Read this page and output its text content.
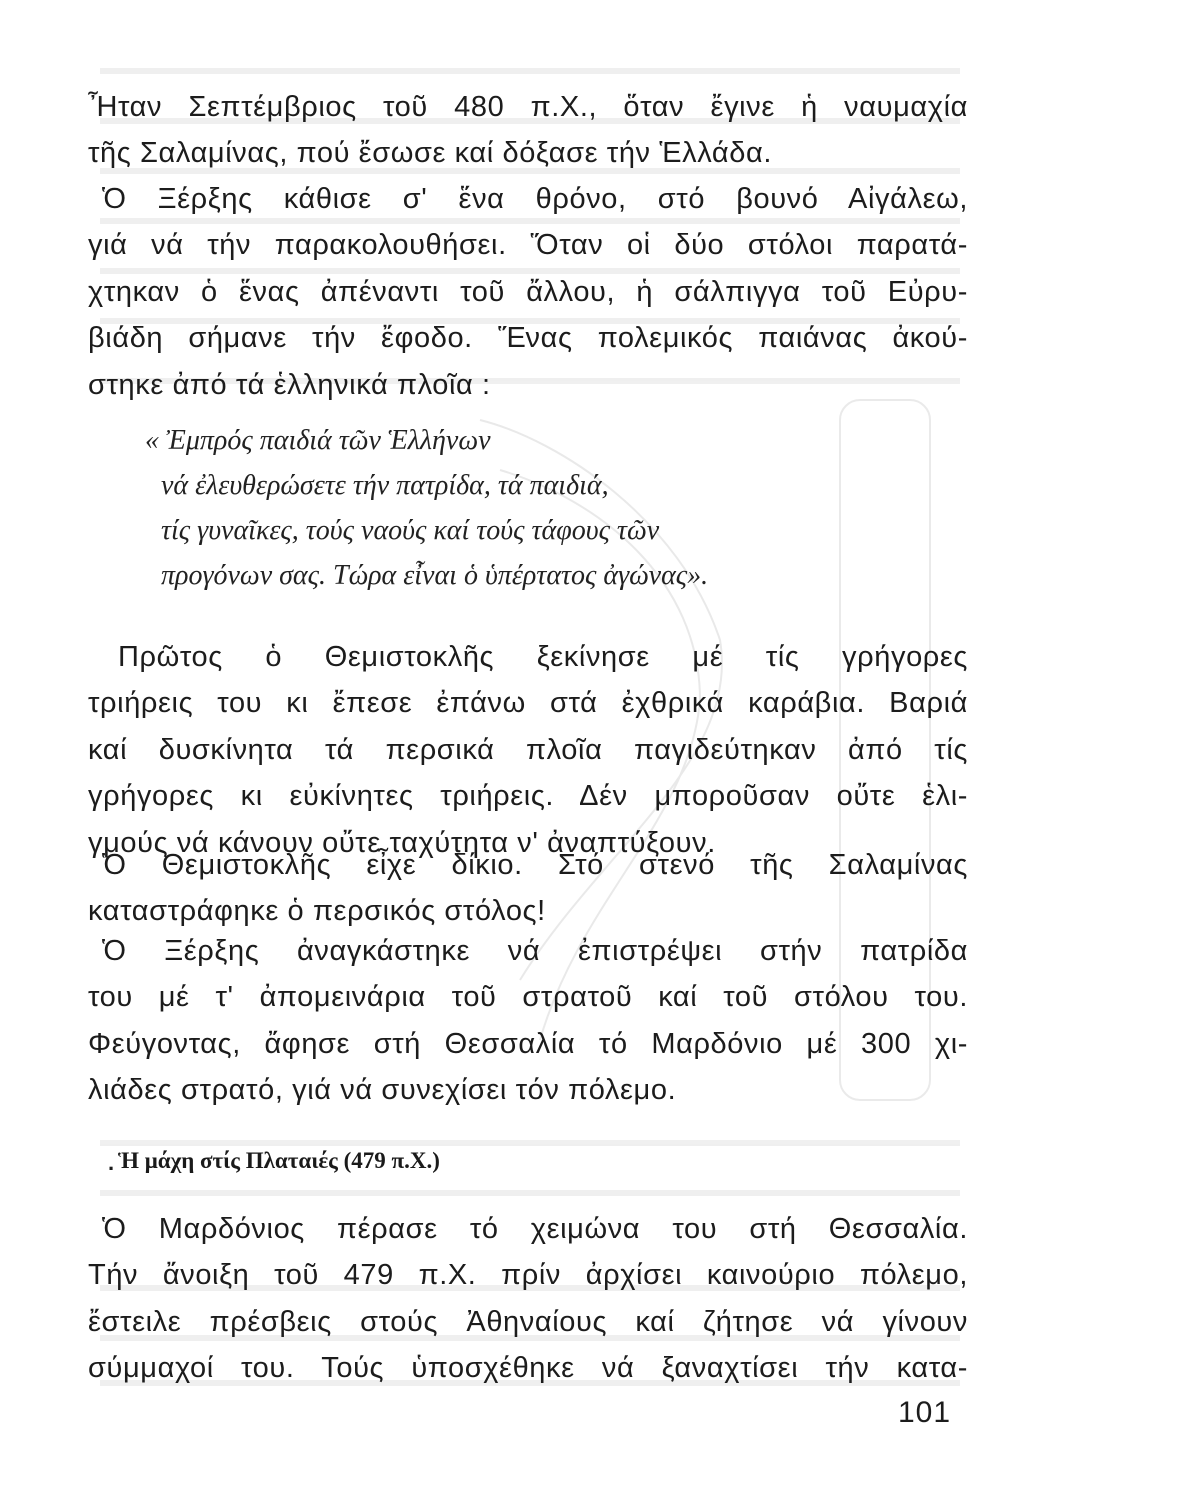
Ἦταν Σεπτέμβριος τοῦ 480 π.Χ., ὅταν ἔγινε ἡ ναυμαχία
τῆς Σαλαμίνας, πού ἔσωσε καί δόξασε τήν Ἑλλάδα.
Ὁ Ξέρξης κάθισε σ' ἕνα θρόνο, στό βουνό Αἰγάλεω,
γιά νά τήν παρακολουθήσει. Ὅταν οἱ δύο στόλοι παρατά-
χτηκαν ὁ ἕνας ἀπέναντι τοῦ ἄλλου, ἡ σάλπιγγα τοῦ Εὐρυ-
βιάδη σήμανε τήν ἔφοδο. Ἕνας πολεμικός παιάνας ἀκού-
στηκε ἀπό τά ἑλληνικά πλοῖα :
« Ἐμπρός παιδιά τῶν Ἑλλήνων
νά ἐλευθερώσετε τήν πατρίδα, τά παιδιά,
τίς γυναῖκες, τούς ναούς καί τούς τάφους τῶν
προγόνων σας. Τώρα εἶναι ὁ ὑπέρτατος ἀγώνας».
Πρῶτος ὁ Θεμιστοκλῆς ξεκίνησε μέ τίς γρήγορες
τριήρεις του κι ἔπεσε ἐπάνω στά ἐχθρικά καράβια. Βαριά
καί δυσκίνητα τά περσικά πλοῖα παγιδεύτηκαν ἀπό τίς
γρήγορες κι εὐκίνητες τριήρεις. Δέν μποροῦσαν οὔτε ἑλι-
γμούς νά κάνουν οὔτε ταχύτητα ν' ἀναπτύξουν.
Ὁ Θεμιστοκλῆς εἶχε δίκιο. Στό στενό τῆς Σαλαμίνας
καταστράφηκε ὁ περσικός στόλος!
Ὁ Ξέρξης ἀναγκάστηκε νά ἐπιστρέψει στήν πατρίδα
του μέ τ' ἀπομεινάρια τοῦ στρατοῦ καί τοῦ στόλου του.
Φεύγοντας, ἄφησε στή Θεσσαλία τό Μαρδόνιο μέ 300 χι-
λιάδες στρατό, γιά νά συνεχίσει τόν πόλεμο.
. Ἡ μάχη στίς Πλαταιές (479 π.Χ.)
Ὁ Μαρδόνιος πέρασε τό χειμώνα του στή Θεσσαλία.
Τήν ἄνοιξη τοῦ 479 π.Χ. πρίν ἀρχίσει καινούριο πόλεμο,
ἔστειλε πρέσβεις στούς Ἀθηναίους καί ζήτησε νά γίνουν
σύμμαχοί του. Τούς ὑποσχέθηκε νά ξαναχτίσει τήν κατα-
101
